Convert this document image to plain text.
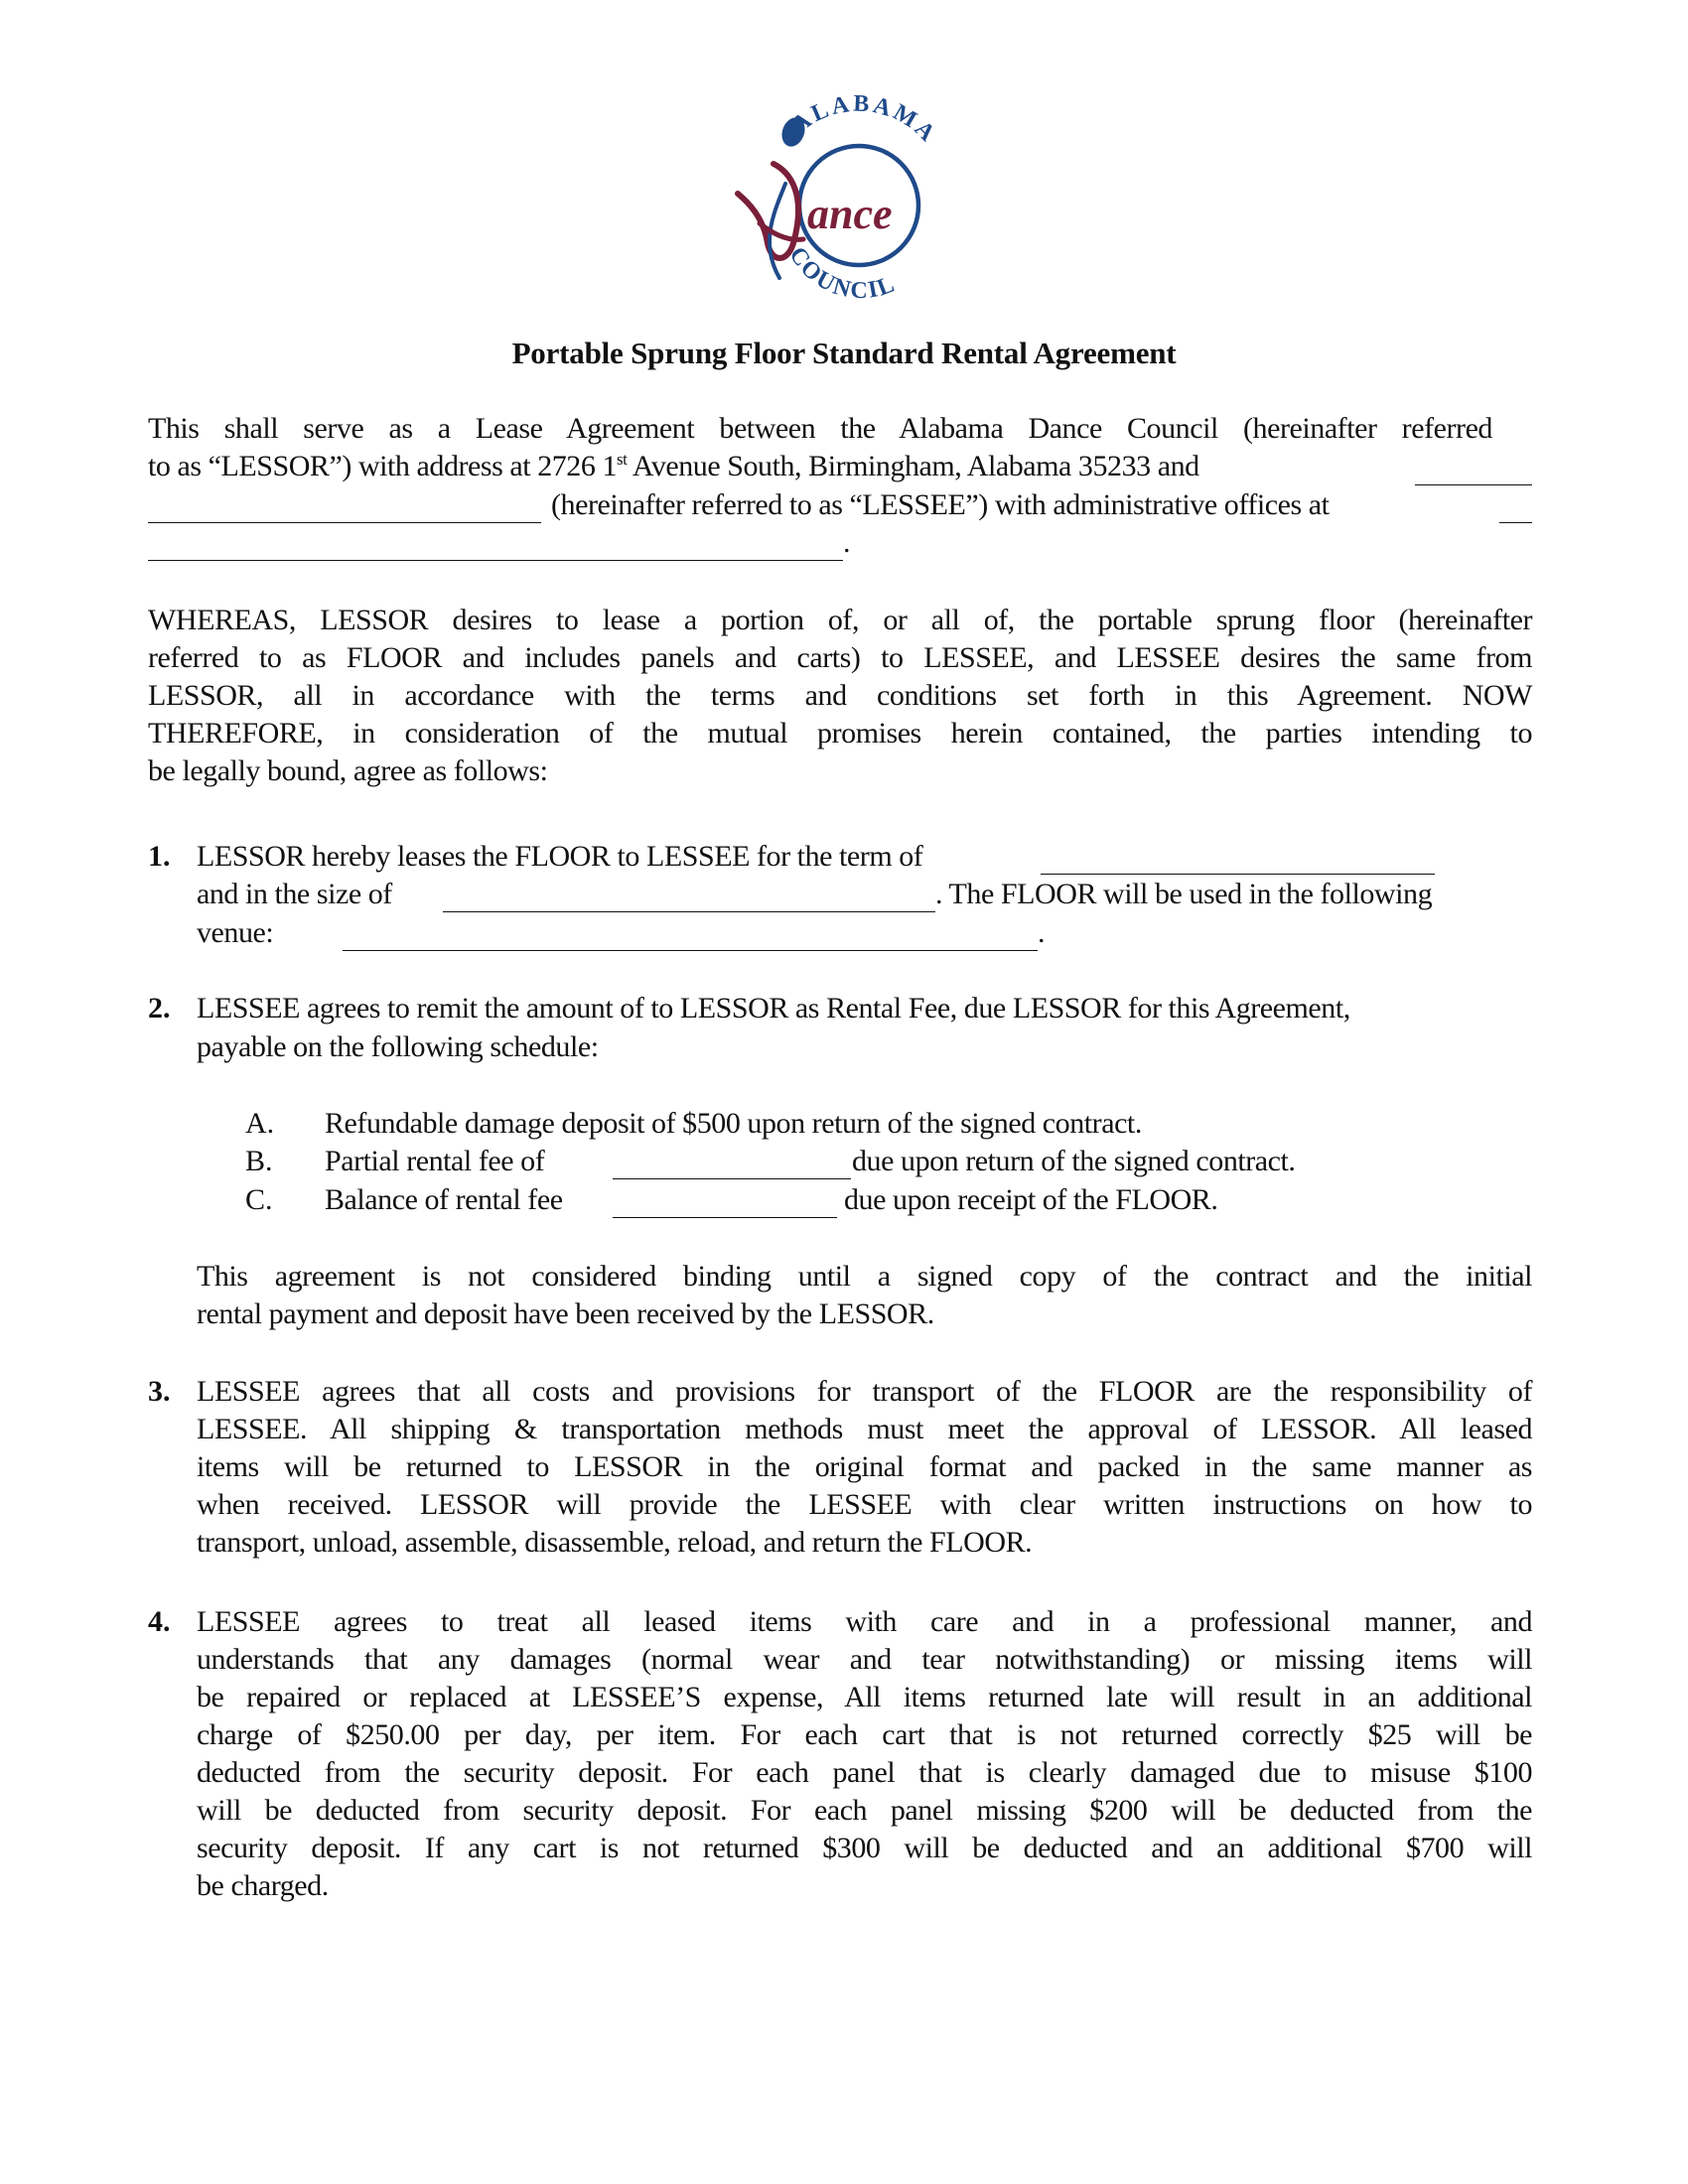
ance
ALABAMA
COUNCIL
Portable Sprung Floor Standard Rental Agreement
This shall serve as a Lease Agreement between the Alabama Dance Council (hereinafter referred
to as “LESSOR”) with address at 2726 1st Avenue South, Birmingham, Alabama 35233 and
(hereinafter referred to as “LESSEE”) with administrative offices at
.
WHEREAS, LESSOR desires to lease a portion of, or all of, the portable sprung floor (hereinafter
referred to as FLOOR and includes panels and carts) to LESSEE, and LESSEE desires the same from
LESSOR, all in accordance with the terms and conditions set forth in this Agreement. NOW
THEREFORE, in consideration of the mutual promises herein contained, the parties intending to
be legally bound, agree as follows:
1. LESSOR hereby leases the FLOOR to LESSEE for the term of
and in the size of	. The FLOOR will be used in the following
venue:	.
2. LESSEE agrees to remit the amount of to LESSOR as Rental Fee, due LESSOR for this Agreement,
payable on the following schedule:
A. Refundable damage deposit of $500 upon return of the signed contract.
B. Partial rental fee of	due upon return of the signed contract.
C. Balance of rental fee	due upon receipt of the FLOOR.
This agreement is not considered binding until a signed copy of the contract and the initial
rental payment and deposit have been received by the LESSOR.
3. LESSEE agrees that all costs and provisions for transport of the FLOOR are the responsibility of
LESSEE. All shipping & transportation methods must meet the approval of LESSOR. All leased
items will be returned to LESSOR in the original format and packed in the same manner as
when received. LESSOR will provide the LESSEE with clear written instructions on how to
transport, unload, assemble, disassemble, reload, and return the FLOOR.
4. LESSEE agrees to treat all leased items with care and in a professional manner, and
understands that any damages (normal wear and tear notwithstanding) or missing items will
be repaired or replaced at LESSEE’S expense, All items returned late will result in an additional
charge of $250.00 per day, per item. For each cart that is not returned correctly $25 will be
deducted from the security deposit. For each panel that is clearly damaged due to misuse $100
will be deducted from security deposit. For each panel missing $200 will be deducted from the
security deposit. If any cart is not returned $300 will be deducted and an additional $700 will
be charged.
